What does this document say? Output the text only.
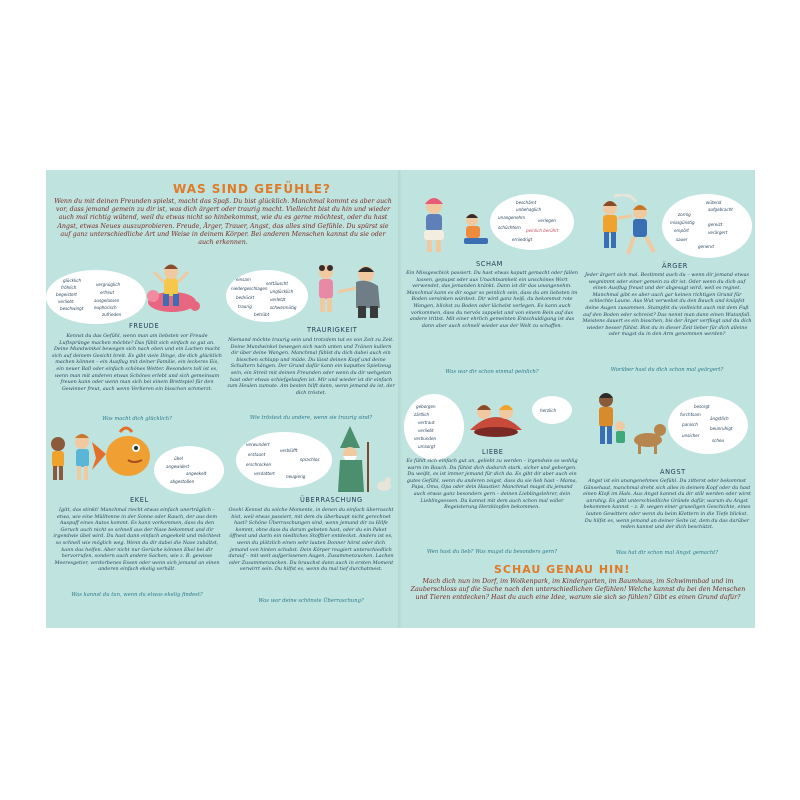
WAS SIND GEFÜHLE?
Wenn du mit deinen Freunden spielst, macht das Spaß. Du bist glücklich. Manchmal kommt es aber auch vor, dass jemand gemein zu dir ist, was dich ärgert oder traurig macht. Vielleicht bist du hin und wieder auch mal richtig wütend, weil du etwas nicht so hinbekommst, wie du es gerne möchtest, oder du hast Angst, etwas Neues auszuprobieren. Freude, Ärger, Trauer, Angst, das alles sind Gefühle. Du spürst sie auf ganz unterschiedliche Art und Weise in deinem Körper. Bei anderen Menschen kannst du sie oder auch erkennen.
glücklich
fröhlich
begeistert
verliebt
beschwingt
vergnüglich
erfreut
ausgelassen
euphorisch
zufrieden
FREUDE
Kennst du das Gefühl, wenn man am liebsten vor Freude Luftsprünge machen möchte? Das fühlt sich einfach so gut an. Deine Mundwinkel bewegen sich nach oben und ein Lachen macht sich auf deinem Gesicht breit. Es gibt viele Dinge, die dich glücklich machen können – ein Ausflug mit deiner Familie, ein leckeres Eis, ein neuer Ball oder einfach schönes Wetter. Besonders toll ist es, wenn man mit anderen etwas Schönes erlebt und sich gemeinsam freuen kann oder wenn man sich bei einem Brettspiel für den Gewinner freut, auch wenn Verlieren ein bisschen schmerzt.
Was macht dich glücklich?
einsam
enttäuscht
niedergeschlagen
unglücklich
bedrückt	verletzt
traurig	schwermütig
betrübt
TRAURIGKEIT
Niemand möchte traurig sein und trotzdem tut es von Zeit zu Zeit. Deine Mundwinkel bewegen sich nach unten und Tränen kullern dir über deine Wangen. Manchmal fühlst du dich dabei auch ein bisschen schlapp und müde. Du lässt deinen Kopf und deine Schultern hängen. Der Grund dafür kann ein kaputtes Spielzeug sein, ein Streit mit deinen Freunden oder wenn du dir wehgetan hast oder etwas schiefgelaufen ist. Mir und wieder ist dir einfach zum Heulen zumute. Am besten hilft dann, wenn jemand da ist, der dich tröstet.
Wie tröstest du andere, wenn sie traurig sind?
übel
angewidert
angeekelt
abgestoßen
EKEL
Igitt, das stinkt! Manchmal riecht etwas einfach unerträglich – etwa, wie eine Mülltonne in der Sonne oder Rauch, der aus dem Auspuff eines Autos kommt. Es kann vorkommen, dass du den Geruch auch nicht so schnell aus der Nase bekommst und dir irgendwie übel wird. Du hast dann einfach angeekelt und möchtest so schnell wie möglich weg. Wenn du dir dabei die Nase zuhältst, kann das helfen. Aber nicht nur Gerüche können Ekel bei dir hervorrufen, sondern auch andere Sachen, wie z. B. gewisse Meeresgetier, verdorbenes Essen oder wenn sich jemand an einen anderen einfach ekelig verhält.
Was kannst du tun, wenn du etwas ekelig findest?
verwundert
verblüfft
erstaunt
sprachlos
erschrocken
verdattert
neugierig
ÜBERRASCHUNG
Oooh! Kennst du solche Momente, in denen du einfach überrascht bist, weil etwas passiert, mit dem du überhaupt nicht gerechnet hast? Schöne Überraschungen sind, wenn jemand dir zu Hilfe kommt, ohne dass du darum gebeten hast, oder du ein Paket öffnest und darin ein niedliches Stofftier entdeckst. Anders ist es, wenn du plötzlich einen sehr lauten Donner hörst oder dich jemand von hinten schubst. Dein Körper reagiert unterschiedlich darauf – mit weit aufgerissenen Augen, Zusammenzucken, Lachen oder Zusammenzucken. Du brauchst dann auch in ersten Moment verwirrt sein. Du hilfst es, wenn du mal tief durchatmest.
Was war deine schönste Überraschung?
beschämt
unbehaglich
unangenehm
verlegen
schüchtern
peinlich berührt
erniedrigt
SCHAM
Ein Missgeschick passiert. Du hast etwas kaputt gemacht oder fallen lassen, gepupst oder aus Unachtsamkeit ein unschönes Wort verwendet, das jemanden kränkt. Dann ist dir das unangenehm. Manchmal kann es dir sogar so peinlich sein, dass du am liebsten im Boden versinken würdest. Dir wird ganz heiß, du bekommst rote Wangen, blickst zu Boden oder lächelst verlegen. Es kann auch vorkommen, dass du nervös zappelst und von einem Bein auf das andere trittst. Mit einer ehrlich gemeinten Entschuldigung ist das dann aber auch schnell wieder aus der Welt zu schaffen.
Was war dir schon einmal peinlich?
wütend
aufgebracht
zornig
missgünstig	gereizt
empört	verärgert
sauer
genervt
ÄRGER
Jeder ärgert sich mal. Bestimmt auch du – wenn dir jemand etwas wegnimmt oder einer gemein zu dir ist. Oder wenn du dich auf einen Ausflug freust und der abgesagt wird, weil es regnet. Manchmal gibt es aber auch gar keinen richtigen Grund für schlechte Laune. Aus Wut verwebst du den Bauch und knäpfst deine Augen zusammen. Stampfst du vielleicht auch mit dem Fuß auf den Boden oder schreist? Das nennt man dann einen Wutanfall. Meistens dauert es ein bisschen, bis der Ärger verfliegt und du dich wieder besser fühlst. Bist du in dieser Zeit lieber für dich alleine oder magst du in den Arm genommen werden?
Worüber hast du dich schon mal geärgert?
geborgen
zärtlich
vertraut
verliebt
verbunden
umsorgt
herzlich
LIEBE
Es fühlt sich einfach gut an, geliebt zu werden – irgendwie so wohlig warm im Bauch. Du fühlst dich dadurch stark, sicher und geborgen. Du weißt, es ist immer jemand für dich da. Es gibt dir aber auch ein gutes Gefühl, wenn du anderen zeigst, dass du sie lieb hast – Mama, Papa, Oma, Opa oder dein Haustier. Manchmal magst du jemand auch etwas ganz besonders gern – deinen Lieblingslehrer, dein Lieblingsessen. Du kannst mit dem auch schon mal voller Begeisterung Herzklopfen bekommen.
Wen hast du lieb? Was magst du besonders gern?
besorgt
furchtsam
ängstlich
panisch
beunruhigt
unsicher
scheu
ANGST
Angst ist ein unangenehmes Gefühl. Du zitterst oder bekommst Gänsehaut, manchmal dreht sich alles in deinem Kopf oder du hast einen Kloß im Hals. Aus Angst kannst du dir still werden oder wirst unruhig. Es gibt unterschiedliche Gründe dafür, warum du Angst bekommen kannst – z. B. wegen einer gruseligen Geschichte, eines lauten Gewitters oder wenn du beim Klettern in die Tiefe blickst. Du hilfst es, wenn jemand an deiner Seite ist, dem du das darüber reden kannst und der dich beschützt.
Was hat dir schon mal Angst gemacht?
SCHAU GENAU HIN!
Mach dich nun im Dorf, im Wolkenpark, im Kindergarten, im Baumhaus, im Schwimmbad und im Zauberschloss auf die Suche nach den unterschiedlichen Gefühlen! Welche kannst du bei den Menschen und Tieren entdecken? Hast du auch eine Idee, warum sie sich so fühlen? Gibt es einen Grund dafür?
